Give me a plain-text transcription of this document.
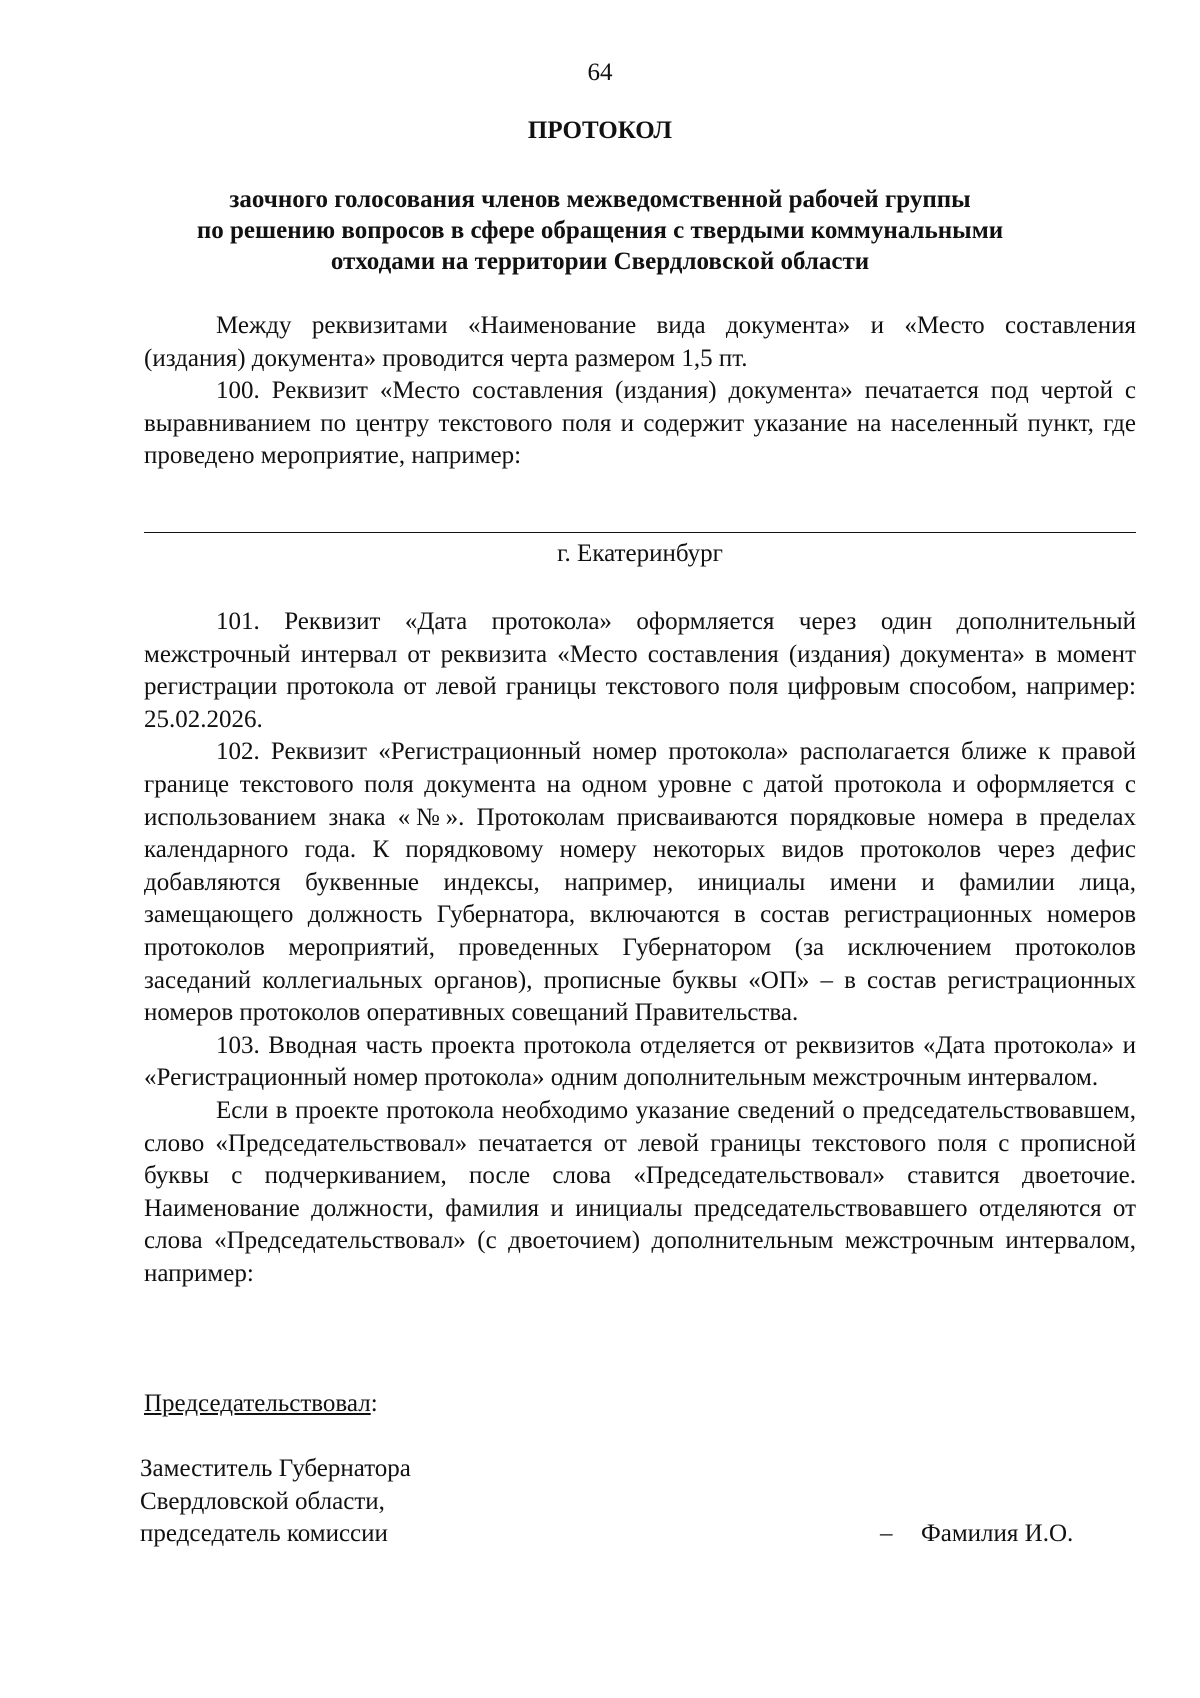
64
ПРОТОКОЛ
заочного голосования членов межведомственной рабочей группы
по решению вопросов в сфере обращения с твердыми коммунальными
отходами на территории Свердловской области

Между реквизитами «Наименование вида документа» и «Место составления (издания) документа» проводится черта размером 1,5 пт.

100. Реквизит «Место составления (издания) документа» печатается под чертой с выравниванием по центру текстового поля и содержит указание на населенный пункт, где проведено мероприятие, например:

г. Екатеринбург

101. Реквизит «Дата протокола» оформляется через один дополнительный межстрочный интервал от реквизита «Место составления (издания) документа» в момент регистрации протокола от левой границы текстового поля цифровым способом, например: 25.02.2026.

102. Реквизит «Регистрационный номер протокола» располагается ближе к правой границе текстового поля документа на одном уровне с датой протокола и оформляется с использованием знака «№». Протоколам присваиваются порядковые номера в пределах календарного года. К порядковому номеру некоторых видов протоколов через дефис добавляются буквенные индексы, например, инициалы имени и фамилии лица, замещающего должность Губернатора, включаются в состав регистрационных номеров протоколов мероприятий, проведенных Губернатором (за исключением протоколов заседаний коллегиальных органов), прописные буквы «ОП» – в состав регистрационных номеров протоколов оперативных совещаний Правительства.

103. Вводная часть проекта протокола отделяется от реквизитов «Дата протокола» и «Регистрационный номер протокола» одним дополнительным межстрочным интервалом.

Если в проекте протокола необходимо указание сведений о председательствовавшем, слово «Председательствовал» печатается от левой границы текстового поля с прописной буквы с подчеркиванием, после слова «Председательствовал» ставится двоеточие. Наименование должности, фамилия и инициалы председательствовавшего отделяются от слова «Председательствовал» (с двоеточием) дополнительным межстрочным интервалом, например:

Председательствовал:
Заместитель Губернатора
Свердловской области,
председатель комиссии	– Фамилия И.О.
